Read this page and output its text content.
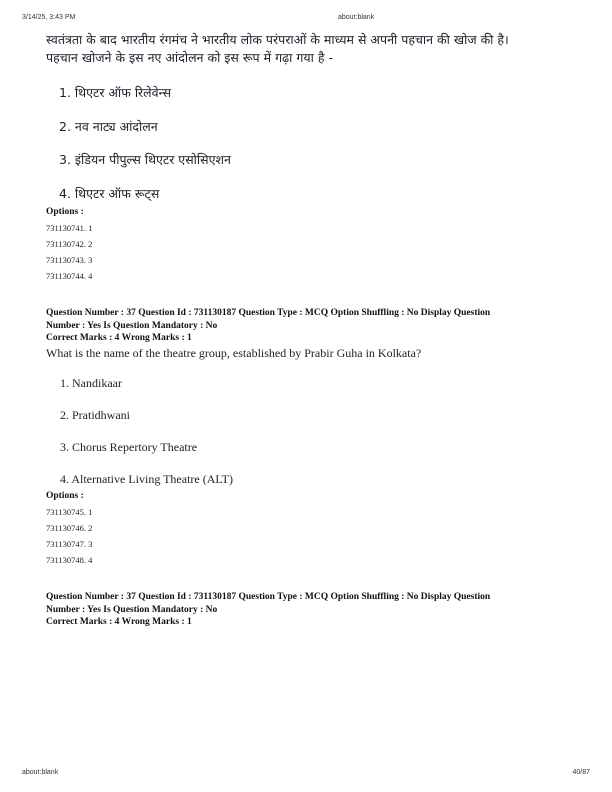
3/14/25, 3:43 PM	about:blank
स्वतंत्रता के बाद भारतीय रंगमंच ने भारतीय लोक परंपराओं के माध्यम से अपनी पहचान की खोज की है।
पहचान खोजने के इस नए आंदोलन को इस रूप में गढ़ा गया है -
1. थिएटर ऑफ रिलेवेन्स
2. नव नाट्य आंदोलन
3. इंडियन पीपुल्स थिएटर एसोसिएशन
4. थिएटर ऑफ रूट्स
Options :
731130741. 1
731130742. 2
731130743. 3
731130744. 4
Question Number : 37 Question Id : 731130187 Question Type : MCQ Option Shuffling : No Display Question
Number : Yes Is Question Mandatory : No
Correct Marks : 4 Wrong Marks : 1
What is the name of the theatre group, established by Prabir Guha in Kolkata?
1. Nandikaar
2. Pratidhwani
3. Chorus Repertory Theatre
4. Alternative Living Theatre (ALT)
Options :
731130745. 1
731130746. 2
731130747. 3
731130748. 4
Question Number : 37 Question Id : 731130187 Question Type : MCQ Option Shuffling : No Display Question
Number : Yes Is Question Mandatory : No
Correct Marks : 4 Wrong Marks : 1
about:blank	40/87
